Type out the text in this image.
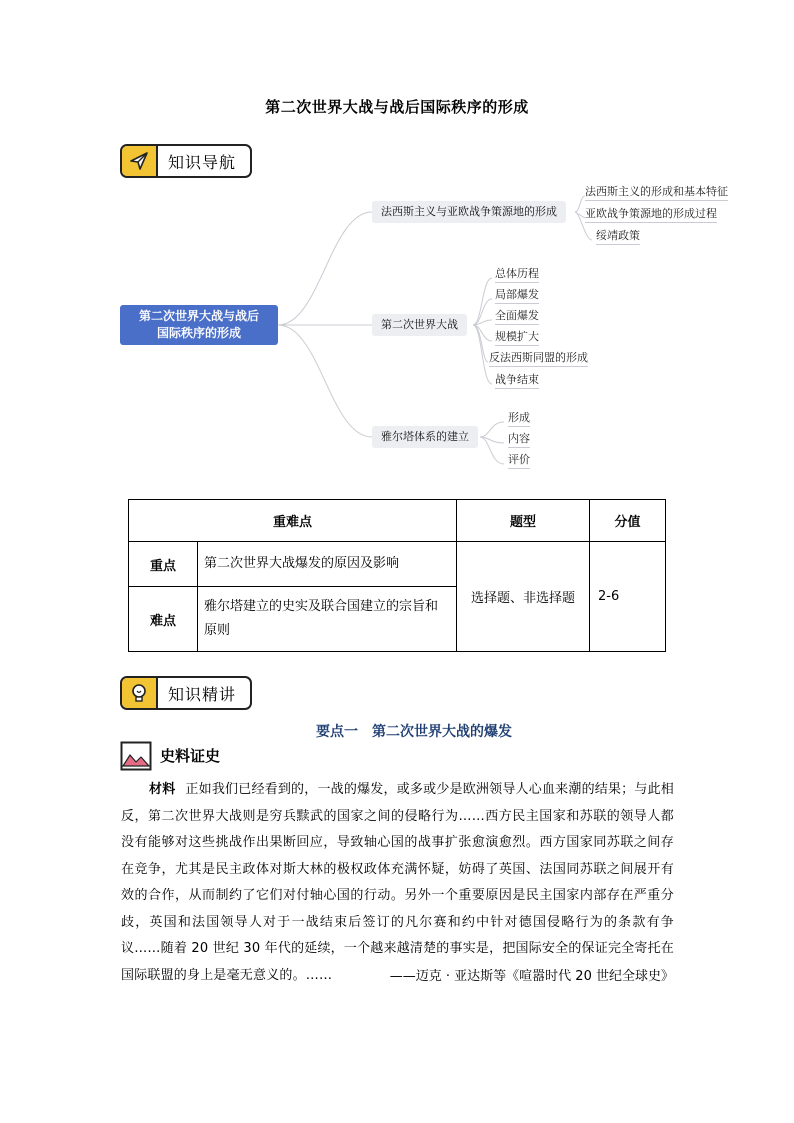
第二次世界大战与战后国际秩序的形成
知识导航
第二次世界大战与战后
国际秩序的形成
法西斯主义与亚欧战争策源地的形成
法西斯主义的形成和基本特征
亚欧战争策源地的形成过程
绥靖政策
第二次世界大战
总体历程
局部爆发
全面爆发
规模扩大
反法西斯同盟的形成
战争结束
雅尔塔体系的建立
形成
内容
评价
重难点		题型	分值
重点	第二次世界大战爆发的原因及影响	选择题、非选择题	2-6
难点	雅尔塔建立的史实及联合国建立的宗旨和原则		
知识精讲
要点一　第二次世界大战的爆发
史料证史
材料 正如我们已经看到的，一战的爆发，或多或少是欧洲领导人心血来潮的结果；与此相反，第二次世界大战则是穷兵黩武的国家之间的侵略行为……西方民主国家和苏联的领导人都没有能够对这些挑战作出果断回应，导致轴心国的战事扩张愈演愈烈。西方国家同苏联之间存在竞争，尤其是民主政体对斯大林的极权政体充满怀疑，妨碍了英国、法国同苏联之间展开有效的合作，从而制约了它们对付轴心国的行动。另外一个重要原因是民主国家内部存在严重分歧，英国和法国领导人对于一战结束后签订的凡尔赛和约中针对德国侵略行为的条款有争议……随着 20 世纪 30 年代的延续，一个越来越清楚的事实是，把国际安全的保证完全寄托在国际联盟的身上是毫无意义的。……	——迈克 · 亚达斯等《喧嚣时代 20 世纪全球史》
